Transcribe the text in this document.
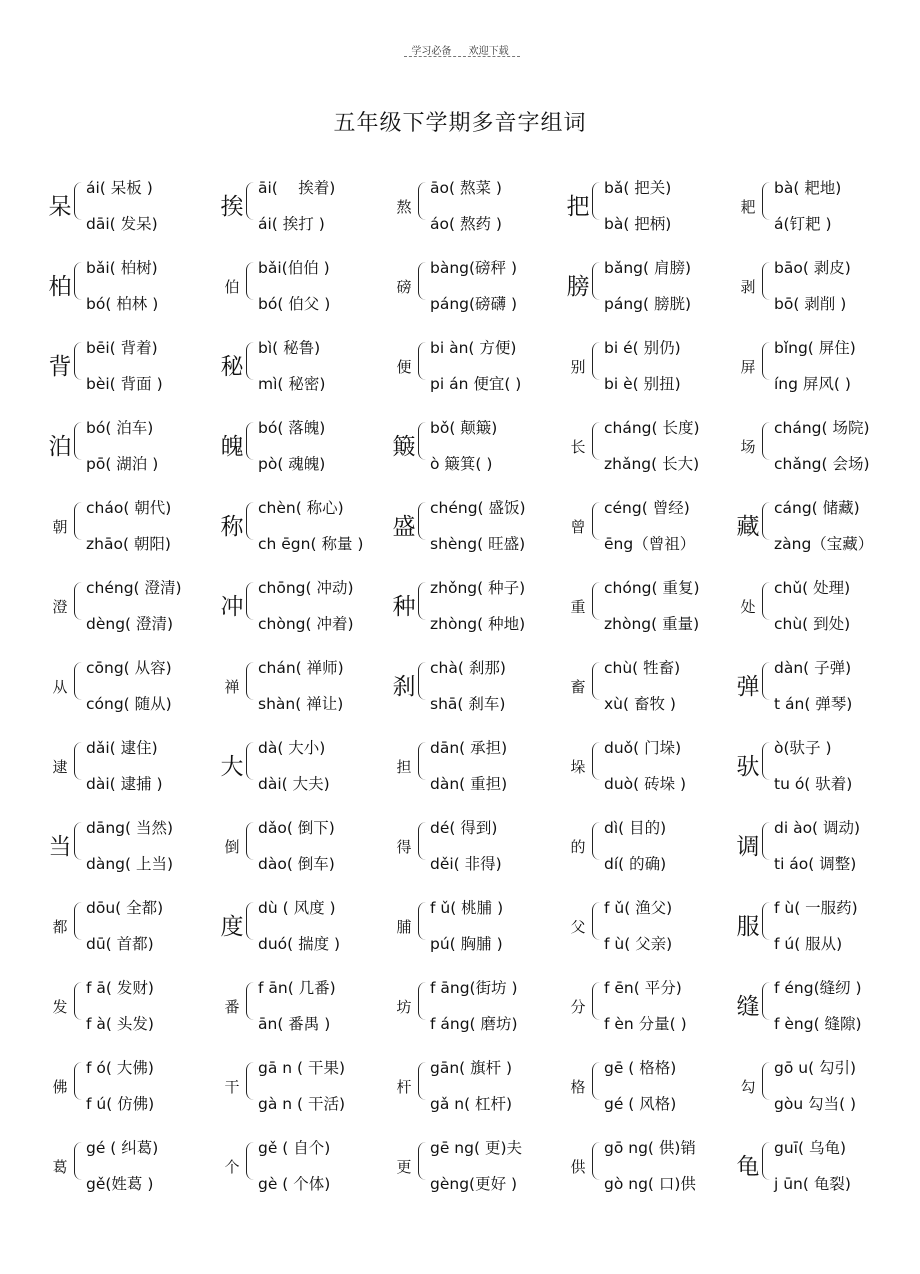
学习必备 欢迎下载
五年级下学期多音字组词
呆
ái( 呆板 )
dāi( 发呆)
挨
āi(　 挨着)
ái( 挨打 )
熬
āo( 熬菜 )
áo( 熬药 )
把
bǎ( 把关)
bà( 把柄)
耙
bà( 耙地)
á(钉耙 )
柏
bǎi( 柏树)
bó( 柏林 )
伯
bǎi(伯伯 )
bó( 伯父 )
磅
bàng(磅秤 )
páng(磅礴 )
膀
bǎng( 肩膀)
páng( 膀胱)
剥
bāo( 剥皮)
bō( 剥削 )
背
bēi( 背着)
bèi( 背面 )
秘
bì( 秘鲁)
mì( 秘密)
便
bi àn( 方便)
pi án 便宜( )
别
bi é( 别仍)
bi è( 别扭)
屏
bǐng( 屏住)
íng 屏风( )
泊
bó( 泊车)
pō( 湖泊 )
魄
bó( 落魄)
pò( 魂魄)
簸
bǒ( 颠簸)
ò 簸箕( )
长
cháng( 长度)
zhǎng( 长大)
场
cháng( 场院)
chǎng( 会场)
朝
cháo( 朝代)
zhāo( 朝阳)
称
chèn( 称心)
ch ēgn( 称量 )
盛
chéng( 盛饭)
shèng( 旺盛)
曾
céng( 曾经)
ēng（曾祖）
藏
cáng( 储藏)
zàng（宝藏）
澄
chéng( 澄清)
dèng( 澄清)
冲
chōng( 冲动)
chòng( 冲着)
种
zhǒng( 种子)
zhòng( 种地)
重
chóng( 重复)
zhòng( 重量)
处
chǔ( 处理)
chù( 到处)
从
cōng( 从容)
cóng( 随从)
禅
chán( 禅师)
shàn( 禅让)
刹
chà( 刹那)
shā( 刹车)
畜
chù( 牲畜)
xù( 畜牧 )
弹
dàn( 子弹)
t án( 弹琴)
逮
dǎi( 逮住)
dài( 逮捕 )
大
dà( 大小)
dài( 大夫)
担
dān( 承担)
dàn( 重担)
垛
duǒ( 门垛)
duò( 砖垛 )
驮
ò(驮子 )
tu ó( 驮着)
当
dāng( 当然)
dàng( 上当)
倒
dǎo( 倒下)
dào( 倒车)
得
dé( 得到)
děi( 非得)
的
dì( 目的)
dí( 的确)
调
di ào( 调动)
ti áo( 调整)
都
dōu( 全都)
dū( 首都)
度
dù ( 风度 )
duó( 揣度 )
脯
f ǔ( 桃脯 )
pú( 胸脯 )
父
f ǔ( 渔父)
f ù( 父亲)
服
f ù( 一服药)
f ú( 服从)
发
f ā( 发财)
f à( 头发)
番
f ān( 几番)
ān( 番禺 )
坊
f āng(街坊 )
f áng( 磨坊)
分
f ēn( 平分)
f èn 分量( )
缝
f éng(缝纫 )
f èng( 缝隙)
佛
f ó( 大佛)
f ú( 仿佛)
干
gā n ( 干果)
gà n ( 干活)
杆
gān( 旗杆 )
gǎ n( 杠杆)
格
gē ( 格格)
gé ( 风格)
勾
gō u( 勾引)
gòu 勾当( )
葛
gé ( 纠葛)
gě(姓葛 )
个
gě ( 自个)
gè ( 个体)
更
gē ng( 更)夫
gèng(更好 )
供
gō ng( 供)销
gò ng( 口)供
龟
guī( 乌龟)
j ūn( 龟裂)
